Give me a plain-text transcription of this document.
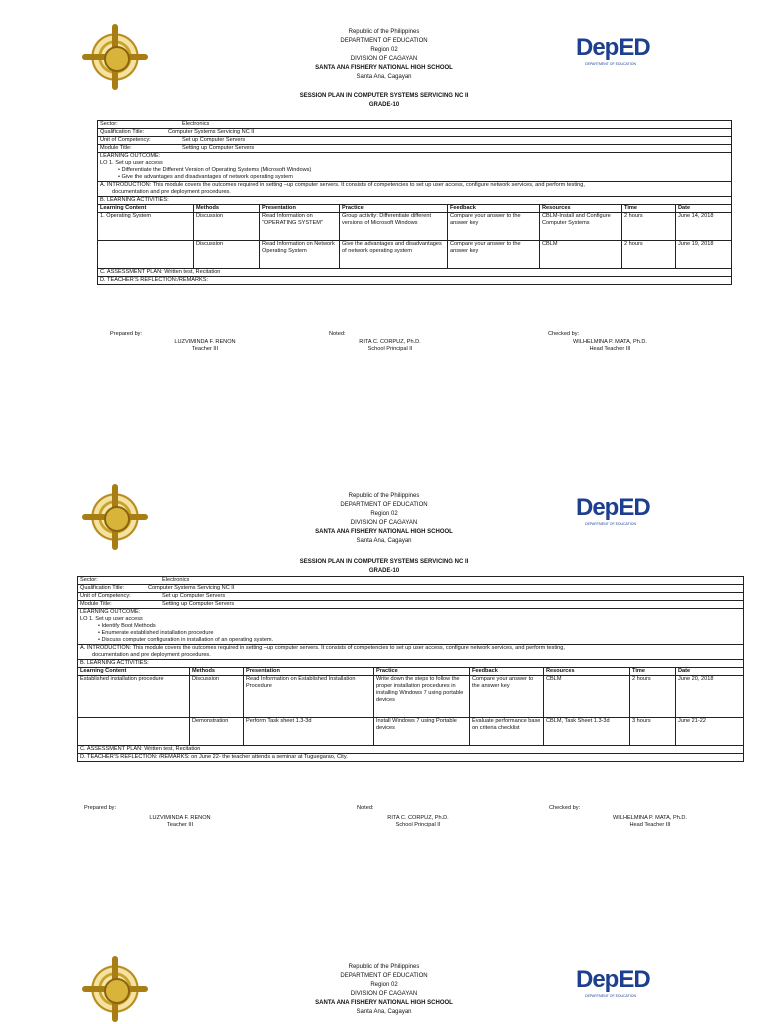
DepED
DEPARTMENT OF EDUCATION
Republic of the Philippines
DEPARTMENT OF EDUCATION
Region 02
DIVISION OF CAGAYAN
SANTA ANA FISHERY NATIONAL HIGH SCHOOL
Santa Ana, Cagayan
SESSION PLAN IN COMPUTER SYSTEMS SERVICING NC II
GRADE-10
Sector: Electronics							
Qualification Title: Computer Systems Servicing NC II							
Unit of Competency: Set up Computer Servers							
Module Title: Setting up Computer Servers							

LEARNING OUTCOME:
LO 1. Set up user access
• Differentiate the Different Version of Operating Systems (Microsoft Windows)
• Give the advantages and disadvantages of network operating system							

A. INTRODUCTION: This module covers the outcomes required in setting –up computer servers. It consists of competencies to set up user access, configure network services, and perform testing,
documentation and pre deployment procedures.							

B. LEARNING ACTIVITIES:							
Learning Content	Methods	Presentation	Practice	Feedback	Resources	Time	Date
1. Operating System	Discussion	Read Information on “OPERATING SYSTEM”	Group activity: Differentiate different versions of Microsoft Windows	Compare your answer to the answer key	CBLM-Install and Configure Computer Systems	2 hours	June 14, 2018
	Discussion	Read Information on Network Operating System	Give the advantages and disadvantages of network operating system	Compare your answer to the answer key	CBLM	2 hours	June 19, 2018
C. ASSESSMENT PLAN: Written test, Recitation							
D. TEACHER’S REFLECTION:/REMARKS:							
Prepared by:
LUZVIMINDA F. RENON
Teacher III
Noted:
RITA C. CORPUZ, Ph.D.
School Principal II
Checked by:
WILHELMINA P. MATA, Ph.D.
Head Teacher III
DepED
DEPARTMENT OF EDUCATION
Republic of the Philippines
DEPARTMENT OF EDUCATION
Region 02
DIVISION OF CAGAYAN
SANTA ANA FISHERY NATIONAL HIGH SCHOOL
Santa Ana, Cagayan
SESSION PLAN IN COMPUTER SYSTEMS SERVICING NC II
GRADE-10
Sector: Electronics							
Qualification Title: Computer Systems Servicing NC II							
Unit of Competency: Set up Computer Servers							
Module Title: Setting up Computer Servers							

LEARNING OUTCOME:
LO 1. Set up user access
• Identify Boot Methods
• Enumerate established installation procedure
• Discuss computer configuration in installation of an operating system.							

A. INTRODUCTION: This module covers the outcomes required in setting –up computer servers. It consists of competencies to set up user access, configure network services, and perform testing,
documentation and pre deployment procedures.							

B. LEARNING ACTIVITIES:							
Learning Content	Methods	Presentation	Practice	Feedback	Resources	Time	Date
Established installation procedure	Discussion	Read Information on Established Installation Procedure	Write down the steps to follow the proper installation procedures in installing Windows 7 using portable devices	Compare your answer to the answer key	CBLM	2 hours	June 20, 2018
	Demonstration	Perform Task sheet 1.3-3d	Install Windows 7 using Portable devices	Evaluate performance base on criteria checklist	CBLM, Task Sheet 1.3-3d	3 hours	June 21-22
C. ASSESSMENT PLAN: Written test, Recitation							
D. TEACHER’S REFLECTION: /REMARKS: on June 22- the teacher attends a seminar at Tuguegarao, City.							
Prepared by:
LUZVIMINDA F. RENON
Teacher III
Noted:
RITA C. CORPUZ, Ph.D.
School Principal II
Checked by:
WILHELMINA P. MATA, Ph.D.
Head Teacher III
DepED
DEPARTMENT OF EDUCATION
Republic of the Philippines
DEPARTMENT OF EDUCATION
Region 02
DIVISION OF CAGAYAN
SANTA ANA FISHERY NATIONAL HIGH SCHOOL
Santa Ana, Cagayan
